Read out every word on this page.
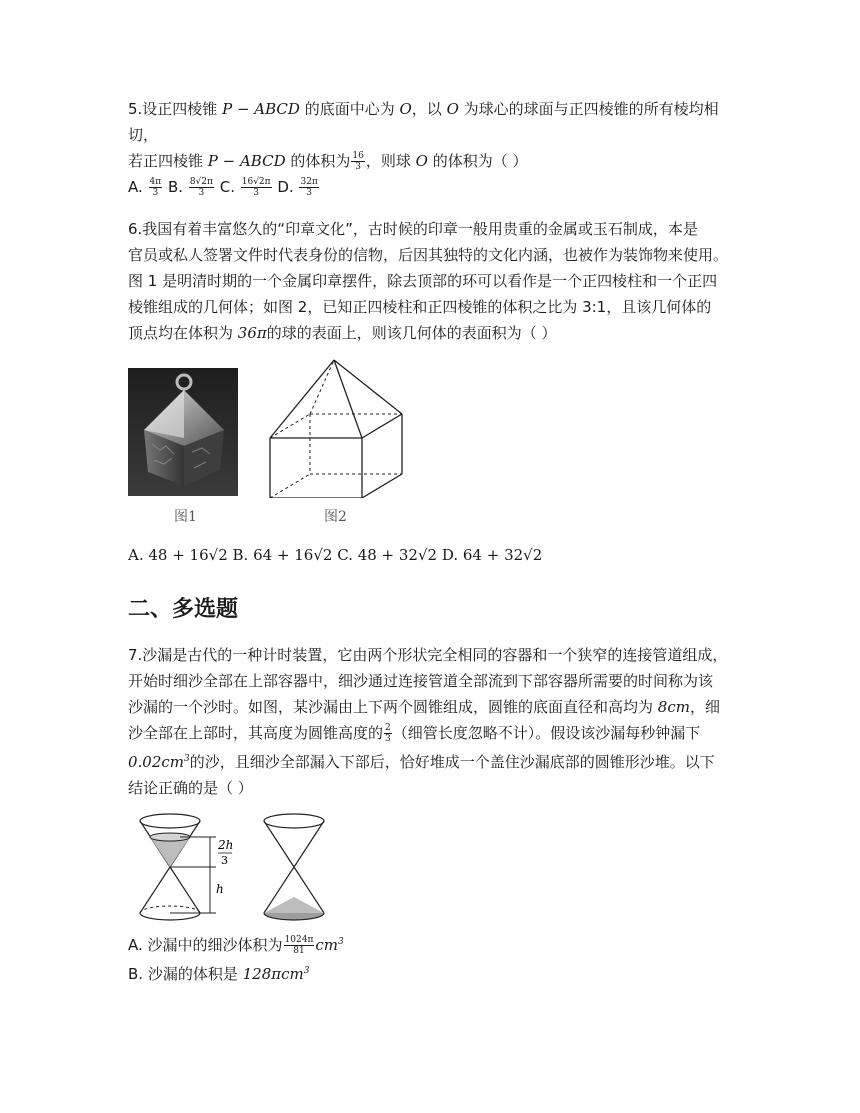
5.设正四棱锥 P − ABCD 的底面中心为 O，以 O 为球心的球面与正四棱锥的所有棱均相切，

若正四棱锥 P − ABCD 的体积为 $\frac{16}{3}$ ，则球 O 的体积为（ ）

A. $\frac{4\pi}{3} B$. $\frac{8√2\pi}{3} C$. $\frac{16√2\pi}{3} D$. $\frac{32\pi}{3}$

6.我国有着丰富悠久的“印章文化”，古时候的印章一般用贵重的金属或玉石制成，本是

官员或私人签署文件时代表身份的信物，后因其独特的文化内涵，也被作为装饰物来使用。

图 1 是明清时期的一个金属印章摆件，除去顶部的环可以看作是一个正四棱柱和一个正四

棱锥组成的几何体；如图 2，已知正四棱柱和正四棱锥的体积之比为 3:1，且该几何体的

顶点均在体积为 36π的球的表面上，则该几何体的表面积为（ ）

图1	图2

A. 48 + 16√2 B. 64 + 16√2 C. 48 + 32√2 D. 64 + 32√2

二、多选题

7.沙漏是古代的一种计时装置，它由两个形状完全相同的容器和一个狭窄的连接管道组成，

开始时细沙全部在上部容器中，细沙通过连接管道全部流到下部容器所需要的时间称为该

沙漏的一个沙时。如图，某沙漏由上下两个圆锥组成，圆锥的底面直径和高均为 8cm，细

沙全部在上部时，其高度为圆锥高度的 $\frac{2}{3}$ （细管长度忽略不计）。假设该沙漏每秒钟漏下

$0.02cm^3$的沙，且细沙全部漏入下部后，恰好堆成一个盖住沙漏底部的圆锥形沙堆。以下

结论正确的是（ ）

2h
3
h

A. 沙漏中的细沙体积为 $\frac{1024\pi}{81} cm^3$

B. 沙漏的体积是 128πcm$^3$
